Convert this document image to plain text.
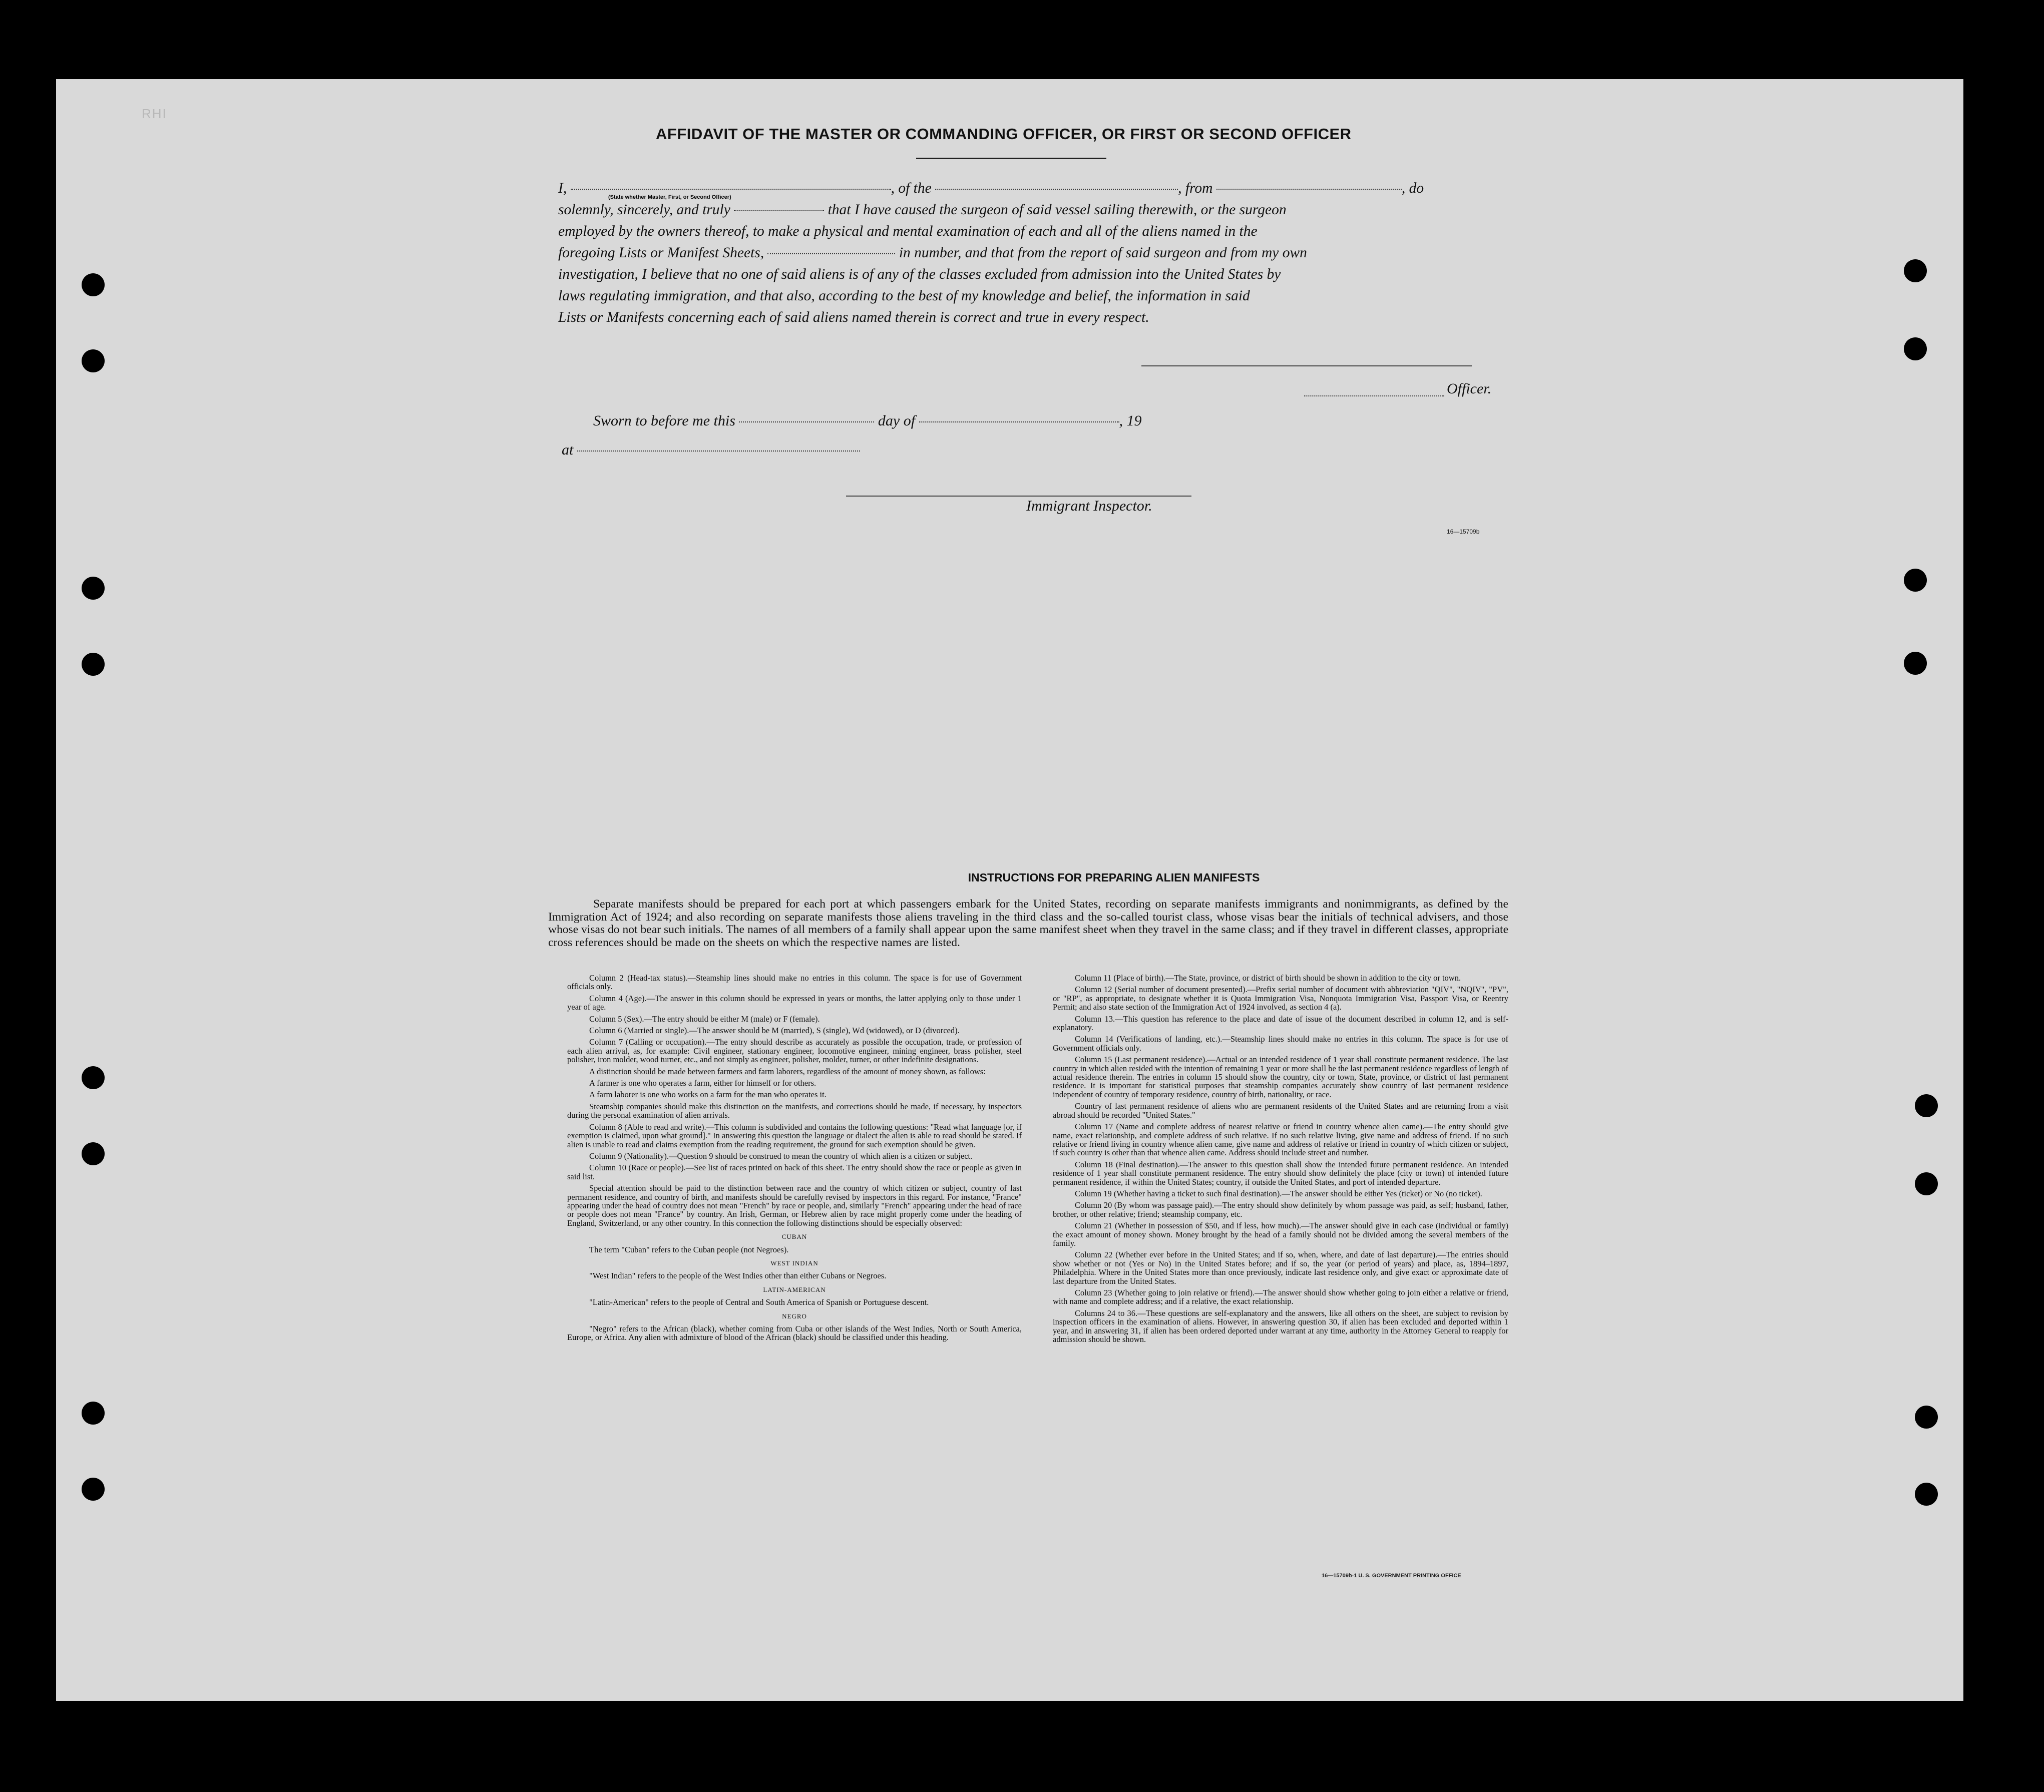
RHI
AFFIDAVIT OF THE MASTER OR COMMANDING OFFICER, OR FIRST OR SECOND OFFICER
I,	, of the	, from	, do
solemnly, sincerely, and truly	that I have caused the surgeon of said vessel sailing therewith, or the surgeon
employed by the owners thereof, to make a physical and mental examination of each and all of the aliens named in the
foregoing Lists or Manifest Sheets,	in number, and that from the report of said surgeon and from my own
investigation, I believe that no one of said aliens is of any of the classes excluded from admission into the United States by
laws regulating immigration, and that also, according to the best of my knowledge and belief, the information in said
Lists or Manifests concerning each of said aliens named therein is correct and true in every respect.
(State whether Master, First, or Second Officer)
Officer.
Sworn to before me this	day of	, 19
at
Immigrant Inspector.
16—15709b
INSTRUCTIONS FOR PREPARING ALIEN MANIFESTS
Separate manifests should be prepared for each port at which passengers embark for the United States, recording on separate manifests immigrants and nonimmigrants, as defined by the Immigration Act of 1924; and also recording on separate manifests those aliens traveling in the third class and the so-called tourist class, whose visas bear the initials of technical advisers, and those whose visas do not bear such initials. The names of all members of a family shall appear upon the same manifest sheet when they travel in the same class; and if they travel in different classes, appropriate cross references should be made on the sheets on which the respective names are listed.

Column 2 (Head-tax status).—Steamship lines should make no entries in this column. The space is for use of Government officials only.

Column 4 (Age).—The answer in this column should be expressed in years or months, the latter applying only to those under 1 year of age.

Column 5 (Sex).—The entry should be either M (male) or F (female).

Column 6 (Married or single).—The answer should be M (married), S (single), Wd (widowed), or D (divorced).

Column 7 (Calling or occupation).—The entry should describe as accurately as possible the occupation, trade, or profession of each alien arrival, as, for example: Civil engineer, stationary engineer, locomotive engineer, mining engineer, brass polisher, steel polisher, iron molder, wood turner, etc., and not simply as engineer, polisher, molder, turner, or other indefinite designations.

A distinction should be made between farmers and farm laborers, regardless of the amount of money shown, as follows:

A farmer is one who operates a farm, either for himself or for others.

A farm laborer is one who works on a farm for the man who operates it.

Steamship companies should make this distinction on the manifests, and corrections should be made, if necessary, by inspectors during the personal examination of alien arrivals.

Column 8 (Able to read and write).—This column is subdivided and contains the following questions: "Read what language [or, if exemption is claimed, upon what ground]." In answering this question the language or dialect the alien is able to read should be stated. If alien is unable to read and claims exemption from the reading requirement, the ground for such exemption should be given.

Column 9 (Nationality).—Question 9 should be construed to mean the country of which alien is a citizen or subject.

Column 10 (Race or people).—See list of races printed on back of this sheet. The entry should show the race or people as given in said list.

Special attention should be paid to the distinction between race and the country of which citizen or subject, country of last permanent residence, and country of birth, and manifests should be carefully revised by inspectors in this regard. For instance, "France" appearing under the head of country does not mean "French" by race or people, and, similarly "French" appearing under the head of race or people does not mean "France" by country. An Irish, German, or Hebrew alien by race might properly come under the heading of England, Switzerland, or any other country. In this connection the following distinctions should be especially observed:

CUBAN

The term "Cuban" refers to the Cuban people (not Negroes).

WEST INDIAN

"West Indian" refers to the people of the West Indies other than either Cubans or Negroes.

LATIN-AMERICAN

"Latin-American" refers to the people of Central and South America of Spanish or Portuguese descent.

NEGRO

"Negro" refers to the African (black), whether coming from Cuba or other islands of the West Indies, North or South America, Europe, or Africa. Any alien with admixture of blood of the African (black) should be classified under this heading.

Column 11 (Place of birth).—The State, province, or district of birth should be shown in addition to the city or town.

Column 12 (Serial number of document presented).—Prefix serial number of document with abbreviation "QIV", "NQIV", "PV", or "RP", as appropriate, to designate whether it is Quota Immigration Visa, Nonquota Immigration Visa, Passport Visa, or Reentry Permit; and also state section of the Immigration Act of 1924 involved, as section 4 (a).

Column 13.—This question has reference to the place and date of issue of the document described in column 12, and is self-explanatory.

Column 14 (Verifications of landing, etc.).—Steamship lines should make no entries in this column. The space is for use of Government officials only.

Column 15 (Last permanent residence).—Actual or an intended residence of 1 year shall constitute permanent residence. The last country in which alien resided with the intention of remaining 1 year or more shall be the last permanent residence regardless of length of actual residence therein. The entries in column 15 should show the country, city or town, State, province, or district of last permanent residence. It is important for statistical purposes that steamship companies accurately show country of last permanent residence independent of country of temporary residence, country of birth, nationality, or race.

Country of last permanent residence of aliens who are permanent residents of the United States and are returning from a visit abroad should be recorded "United States."

Column 17 (Name and complete address of nearest relative or friend in country whence alien came).—The entry should give name, exact relationship, and complete address of such relative. If no such relative living, give name and address of friend. If no such relative or friend living in country whence alien came, give name and address of relative or friend in country of which citizen or subject, if such country is other than that whence alien came. Address should include street and number.

Column 18 (Final destination).—The answer to this question shall show the intended future permanent residence. An intended residence of 1 year shall constitute permanent residence. The entry should show definitely the place (city or town) of intended future permanent residence, if within the United States; country, if outside the United States, and port of intended departure.

Column 19 (Whether having a ticket to such final destination).—The answer should be either Yes (ticket) or No (no ticket).

Column 20 (By whom was passage paid).—The entry should show definitely by whom passage was paid, as self; husband, father, brother, or other relative; friend; steamship company, etc.

Column 21 (Whether in possession of $50, and if less, how much).—The answer should give in each case (individual or family) the exact amount of money shown. Money brought by the head of a family should not be divided among the several members of the family.

Column 22 (Whether ever before in the United States; and if so, when, where, and date of last departure).—The entries should show whether or not (Yes or No) in the United States before; and if so, the year (or period of years) and place, as, 1894–1897, Philadelphia. Where in the United States more than once previously, indicate last residence only, and give exact or approximate date of last departure from the United States.

Column 23 (Whether going to join relative or friend).—The answer should show whether going to join either a relative or friend, with name and complete address; and if a relative, the exact relationship.

Columns 24 to 36.—These questions are self-explanatory and the answers, like all others on the sheet, are subject to revision by inspection officers in the examination of aliens. However, in answering question 30, if alien has been excluded and deported within 1 year, and in answering 31, if alien has been ordered deported under warrant at any time, authority in the Attorney General to reapply for admission should be shown.

16—15709b-1 U. S. GOVERNMENT PRINTING OFFICE
